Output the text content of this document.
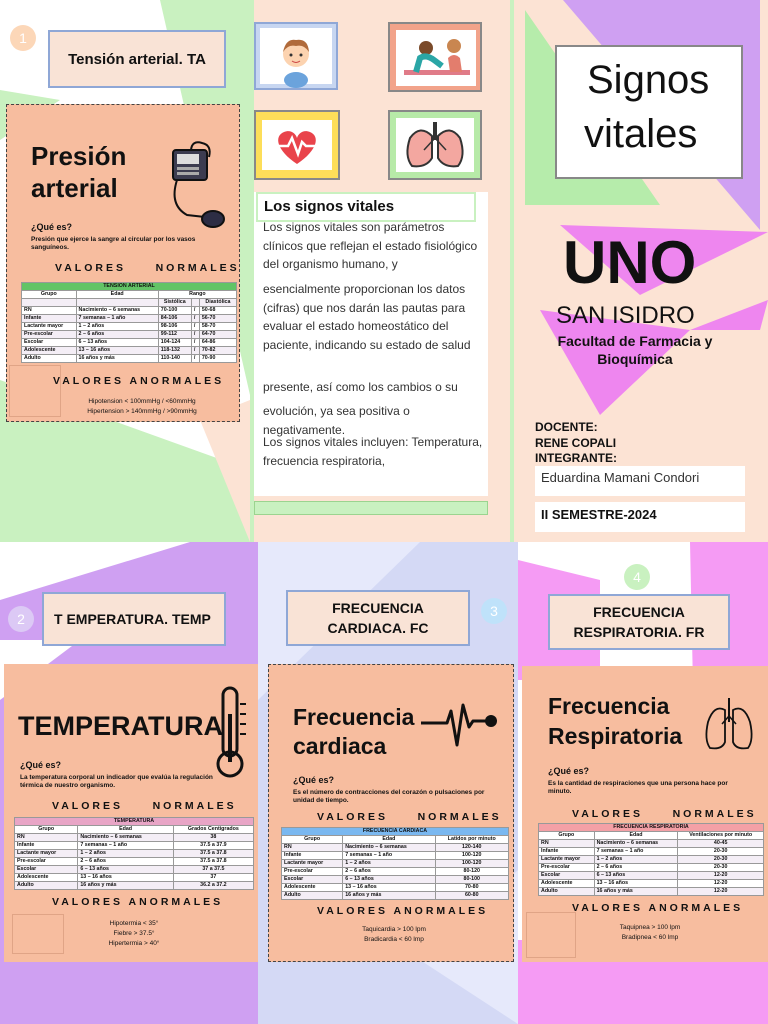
1
Tensión arterial. TA
Presión
arterial
¿Qué es?
Presión que ejerce la sangre al circular por los vasos sanguíneos.
VALORES     NORMALES
TENSION ARTERIAL				
Grupo	Edad	Rango		
		Sistólica		Diastólica
RN	Nacimiento – 6 semanas	70-100	/	50-68
Infante	7 semanas – 1 año	84-106	/	56-70
Lactante mayor	1 – 2 años	98-106	/	58-70
Pre-escolar	2 – 6 años	99-112	/	64-70
Escolar	6 – 13 años	104-124	/	64-86
Adolescente	13 – 16 años	118-132	/	70-82
Adulto	16 años y más	110-140	/	70-90
VALORES ANORMALES
Hipotension < 100mmHg / <60mmHg
Hipertension > 140mmHg / >90mmHg
Los signos vitales
Los signos vitales son parámetros clínicos que reflejan el estado fisiológico del organismo humano, y
esencialmente proporcionan los datos (cifras) que nos darán las pautas para evaluar el estado homeostático del paciente, indicando su estado de salud
presente, así como los cambios o su
evolución, ya sea positiva o negativamente.
Los signos vitales incluyen: Temperatura, frecuencia respiratoria,
Signos
vitales
UNO
SAN ISIDRO
Facultad de Farmacia y Bioquímica
DOCENTE:
RENE COPALI
INTEGRANTE:
Eduardina Mamani Condori
II SEMESTRE-2024
2	T EMPERATURA. TEMP
TEMPERATURA
¿Qué es?
La temperatura corporal un indicador que evalúa la regulación térmica de nuestro organismo.
VALORES     NORMALES
TEMPERATURA		
Grupo	Edad	Grados Centigrados
RN	Nacimiento – 6 semanas	38
Infante	7 semanas – 1 año	37.5 a 37.9
Lactante mayor	1 – 2 años	37.5 a 37.8
Pre-escolar	2 – 6 años	37.5 a 37.8
Escolar	6 – 13 años	37 a 37.5
Adolescente	13 – 16 años	37
Adulto	16 años y más	36.2 a 37.2
VALORES ANORMALES
Hipotermia < 35°
Fiebre > 37.5°
Hipertermia > 40°
3
FRECUENCIA CARDIACA. FC
Frecuencia
cardiaca
¿Qué es?
Es el número de contracciones del corazón o pulsaciones por unidad de tiempo.
VALORES     NORMALES
FRECUENCIA CARDIACA		
Grupo	Edad	Latidos por minuto
RN	Nacimiento – 6 semanas	120-140
Infante	7 semanas – 1 año	100-120
Lactante mayor	1 – 2 años	100-120
Pre-escolar	2 – 6 años	80-120
Escolar	6 – 13 años	80-100
Adolescente	13 – 16 años	70-80
Adulto	16 años y más	60-80
VALORES ANORMALES
Taquicardia > 100 lpm
Bradicardia < 60 lmp
4
FRECUENCIA RESPIRATORIA. FR
Frecuencia
Respiratoria
¿Qué es?
Es la cantidad de respiraciones que una persona hace por minuto.
VALORES     NORMALES
FRECUENCIA RESPIRATORIA		
Grupo	Edad	Ventilaciones por minuto
RN	Nacimiento – 6 semanas	40-45
Infante	7 semanas – 1 año	20-30
Lactante mayor	1 – 2 años	20-30
Pre-escolar	2 – 6 años	20-30
Escolar	6 – 13 años	12-20
Adolescente	13 – 16 años	12-20
Adulto	16 años y más	12-20
VALORES ANORMALES
Taquipnea > 100 lpm
Bradipnea < 60 lmp
